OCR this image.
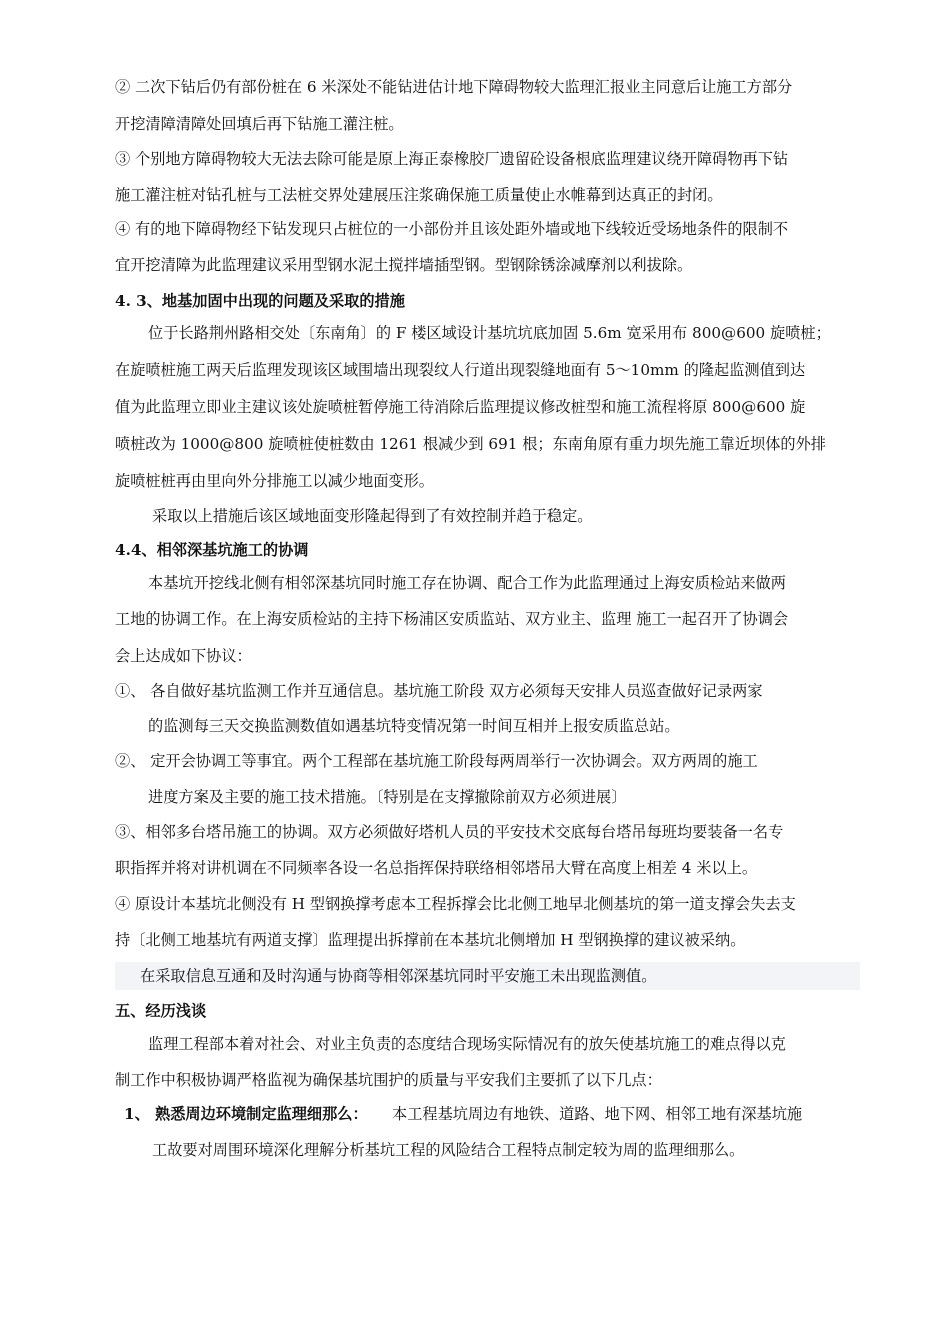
② 二次下钻后仍有部份桩在 6 米深处不能钻进估计地下障碍物较大监理汇报业主同意后让施工方部分
开挖清障清障处回填后再下钻施工灌注桩。
③ 个别地方障碍物较大无法去除可能是原上海正泰橡胶厂遗留砼设备根底监理建议绕开障碍物再下钻
施工灌注桩对钻孔桩与工法桩交界处建展压注浆确保施工质量使止水帷幕到达真正的封闭。
④ 有的地下障碍物经下钻发现只占桩位的一小部份并且该处距外墙或地下线较近受场地条件的限制不
宜开挖清障为此监理建议采用型钢水泥土搅拌墙插型钢。型钢除锈涂减摩剂以利拔除。
4. 3、地基加固中出现的问题及采取的措施
位于长路荆州路相交处〔东南角〕的 F 楼区域设计基坑坑底加固 5.6m 宽采用布 800@600 旋喷桩；
在旋喷桩施工两天后监理发现该区域围墙出现裂纹人行道出现裂缝地面有 5～10mm 的隆起监测值到达
值为此监理立即业主建议该处旋喷桩暂停施工待消除后监理提议修改桩型和施工流程将原 800@600 旋
喷桩改为 1000@800 旋喷桩使桩数由 1261 根减少到 691 根；东南角原有重力坝先施工靠近坝体的外排
旋喷桩桩再由里向外分排施工以减少地面变形。
采取以上措施后该区域地面变形隆起得到了有效控制并趋于稳定。
4.4、相邻深基坑施工的协调
本基坑开挖线北侧有相邻深基坑同时施工存在协调、配合工作为此监理通过上海安质检站来做两
工地的协调工作。在上海安质检站的主持下杨浦区安质监站、双方业主、监理 施工一起召开了协调会
会上达成如下协议：
①、 各自做好基坑监测工作并互通信息。基坑施工阶段 双方必须每天安排人员巡查做好记录两家
的监测每三天交换监测数值如遇基坑特变情况第一时间互相并上报安质监总站。
②、 定开会协调工等事宜。两个工程部在基坑施工阶段每两周举行一次协调会。双方两周的施工
进度方案及主要的施工技术措施。〔特别是在支撑撤除前双方必须进展〕
③、相邻多台塔吊施工的协调。双方必须做好塔机人员的平安技术交底每台塔吊每班均要装备一名专
职指挥并将对讲机调在不同频率各设一名总指挥保持联络相邻塔吊大臂在高度上相差 4 米以上。
④ 原设计本基坑北侧没有 H 型钢换撑考虑本工程拆撑会比北侧工地早北侧基坑的第一道支撑会失去支
持〔北侧工地基坑有两道支撑〕监理提出拆撑前在本基坑北侧增加 H 型钢换撑的建议被采纳。
在采取信息互通和及时沟通与协商等相邻深基坑同时平安施工未出现监测值。
五、经历浅谈
监理工程部本着对社会、对业主负责的态度结合现场实际情况有的放矢使基坑施工的难点得以克
制工作中积极协调严格监视为确保基坑围护的质量与平安我们主要抓了以下几点：
1、 熟悉周边环境制定监理细那么： 本工程基坑周边有地铁、道路、地下网、相邻工地有深基坑施
工故要对周围环境深化理解分析基坑工程的风险结合工程特点制定较为周的监理细那么。
